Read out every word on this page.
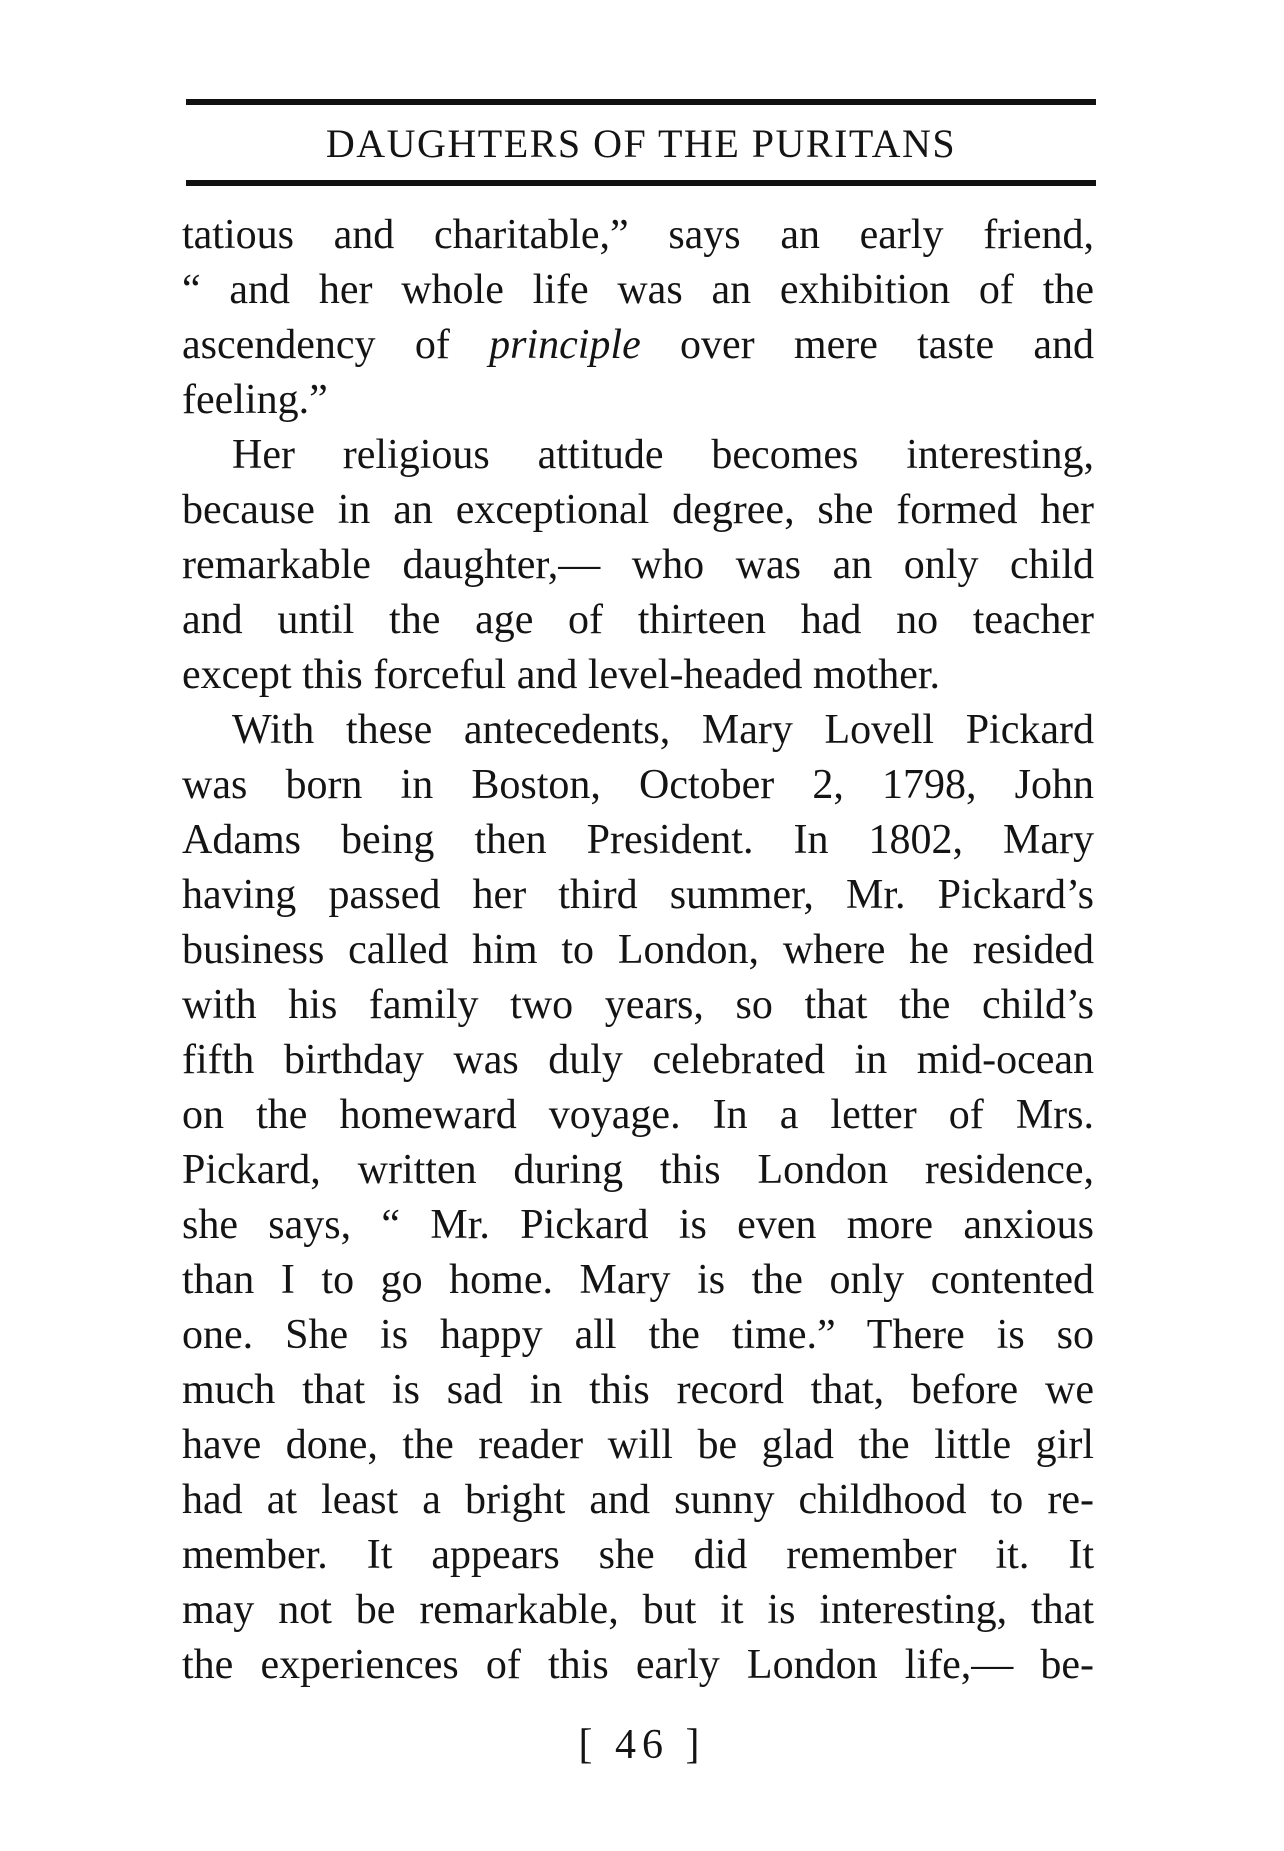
DAUGHTERS OF THE PURITANS
tatious and charitable,” says an early friend,
“ and her whole life was an exhibition of the
ascendency of principle over mere taste and
feeling.”
Her religious attitude becomes interesting,
because in an exceptional degree, she formed her
remarkable daughter,— who was an only child
and until the age of thirteen had no teacher
except this forceful and level-headed mother.
With these antecedents, Mary Lovell Pickard
was born in Boston, October 2, 1798, John
Adams being then President. In 1802, Mary
having passed her third summer, Mr. Pickard’s
business called him to London, where he resided
with his family two years, so that the child’s
fifth birthday was duly celebrated in mid-ocean
on the homeward voyage. In a letter of Mrs.
Pickard, written during this London residence,
she says, “ Mr. Pickard is even more anxious
than I to go home. Mary is the only contented
one. She is happy all the time.” There is so
much that is sad in this record that, before we
have done, the reader will be glad the little girl
had at least a bright and sunny childhood to re-
member. It appears she did remember it. It
may not be remarkable, but it is interesting, that
the experiences of this early London life,— be-
[ 46 ]
